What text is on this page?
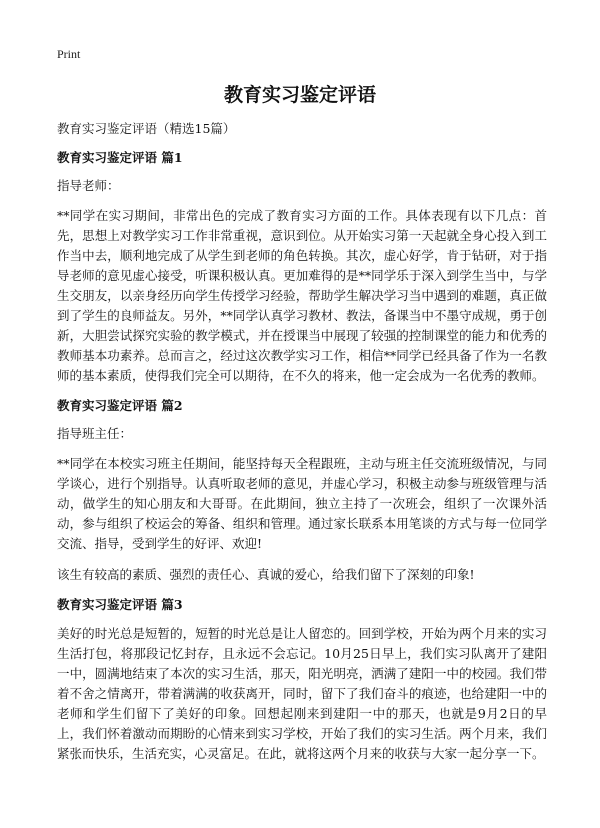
Print
教育实习鉴定评语
教育实习鉴定评语（精选15篇）
教育实习鉴定评语 篇1
指导老师：

**同学在实习期间，非常出色的完成了教育实习方面的工作。具体表现有以下几点：首先，思想上对教学实习工作非常重视，意识到位。从开始实习第一天起就全身心投入到工作当中去，顺利地完成了从学生到老师的角色转换。其次，虚心好学，肯于钻研，对于指导老师的意见虚心接受，听课积极认真。更加难得的是**同学乐于深入到学生当中，与学生交朋友，以亲身经历向学生传授学习经验，帮助学生解决学习当中遇到的难题，真正做到了学生的良师益友。另外，**同学认真学习教材、教法，备课当中不墨守成规，勇于创新，大胆尝试探究实验的教学模式，并在授课当中展现了较强的控制课堂的能力和优秀的教师基本功素养。总而言之，经过这次教学实习工作，相信**同学已经具备了作为一名教师的基本素质，使得我们完全可以期待，在不久的将来，他一定会成为一名优秀的教师。

教育实习鉴定评语 篇2
指导班主任：

**同学在本校实习班主任期间，能坚持每天全程跟班，主动与班主任交流班级情况，与同学谈心，进行个别指导。认真听取老师的意见，并虚心学习，积极主动参与班级管理与活动，做学生的知心朋友和大哥哥。在此期间，独立主持了一次班会，组织了一次课外活动，参与组织了校运会的筹备、组织和管理。通过家长联系本用笔谈的方式与每一位同学交流、指导，受到学生的好评、欢迎!

该生有较高的素质、强烈的责任心、真诚的爱心，给我们留下了深刻的印象!

教育实习鉴定评语 篇3

美好的时光总是短暂的，短暂的时光总是让人留恋的。回到学校，开始为两个月来的实习生活打包，将那段记忆封存，且永远不会忘记。10月25日早上，我们实习队离开了建阳一中，圆满地结束了本次的实习生活，那天，阳光明亮，洒满了建阳一中的校园。我们带着不舍之情离开，带着满满的收获离开，同时，留下了我们奋斗的痕迹，也给建阳一中的老师和学生们留下了美好的印象。回想起刚来到建阳一中的那天，也就是9月2日的早上，我们怀着激动而期盼的心情来到实习学校，开始了我们的实习生活。两个月来，我们紧张而快乐，生活充实，心灵富足。在此，就将这两个月来的收获与大家一起分享一下。
